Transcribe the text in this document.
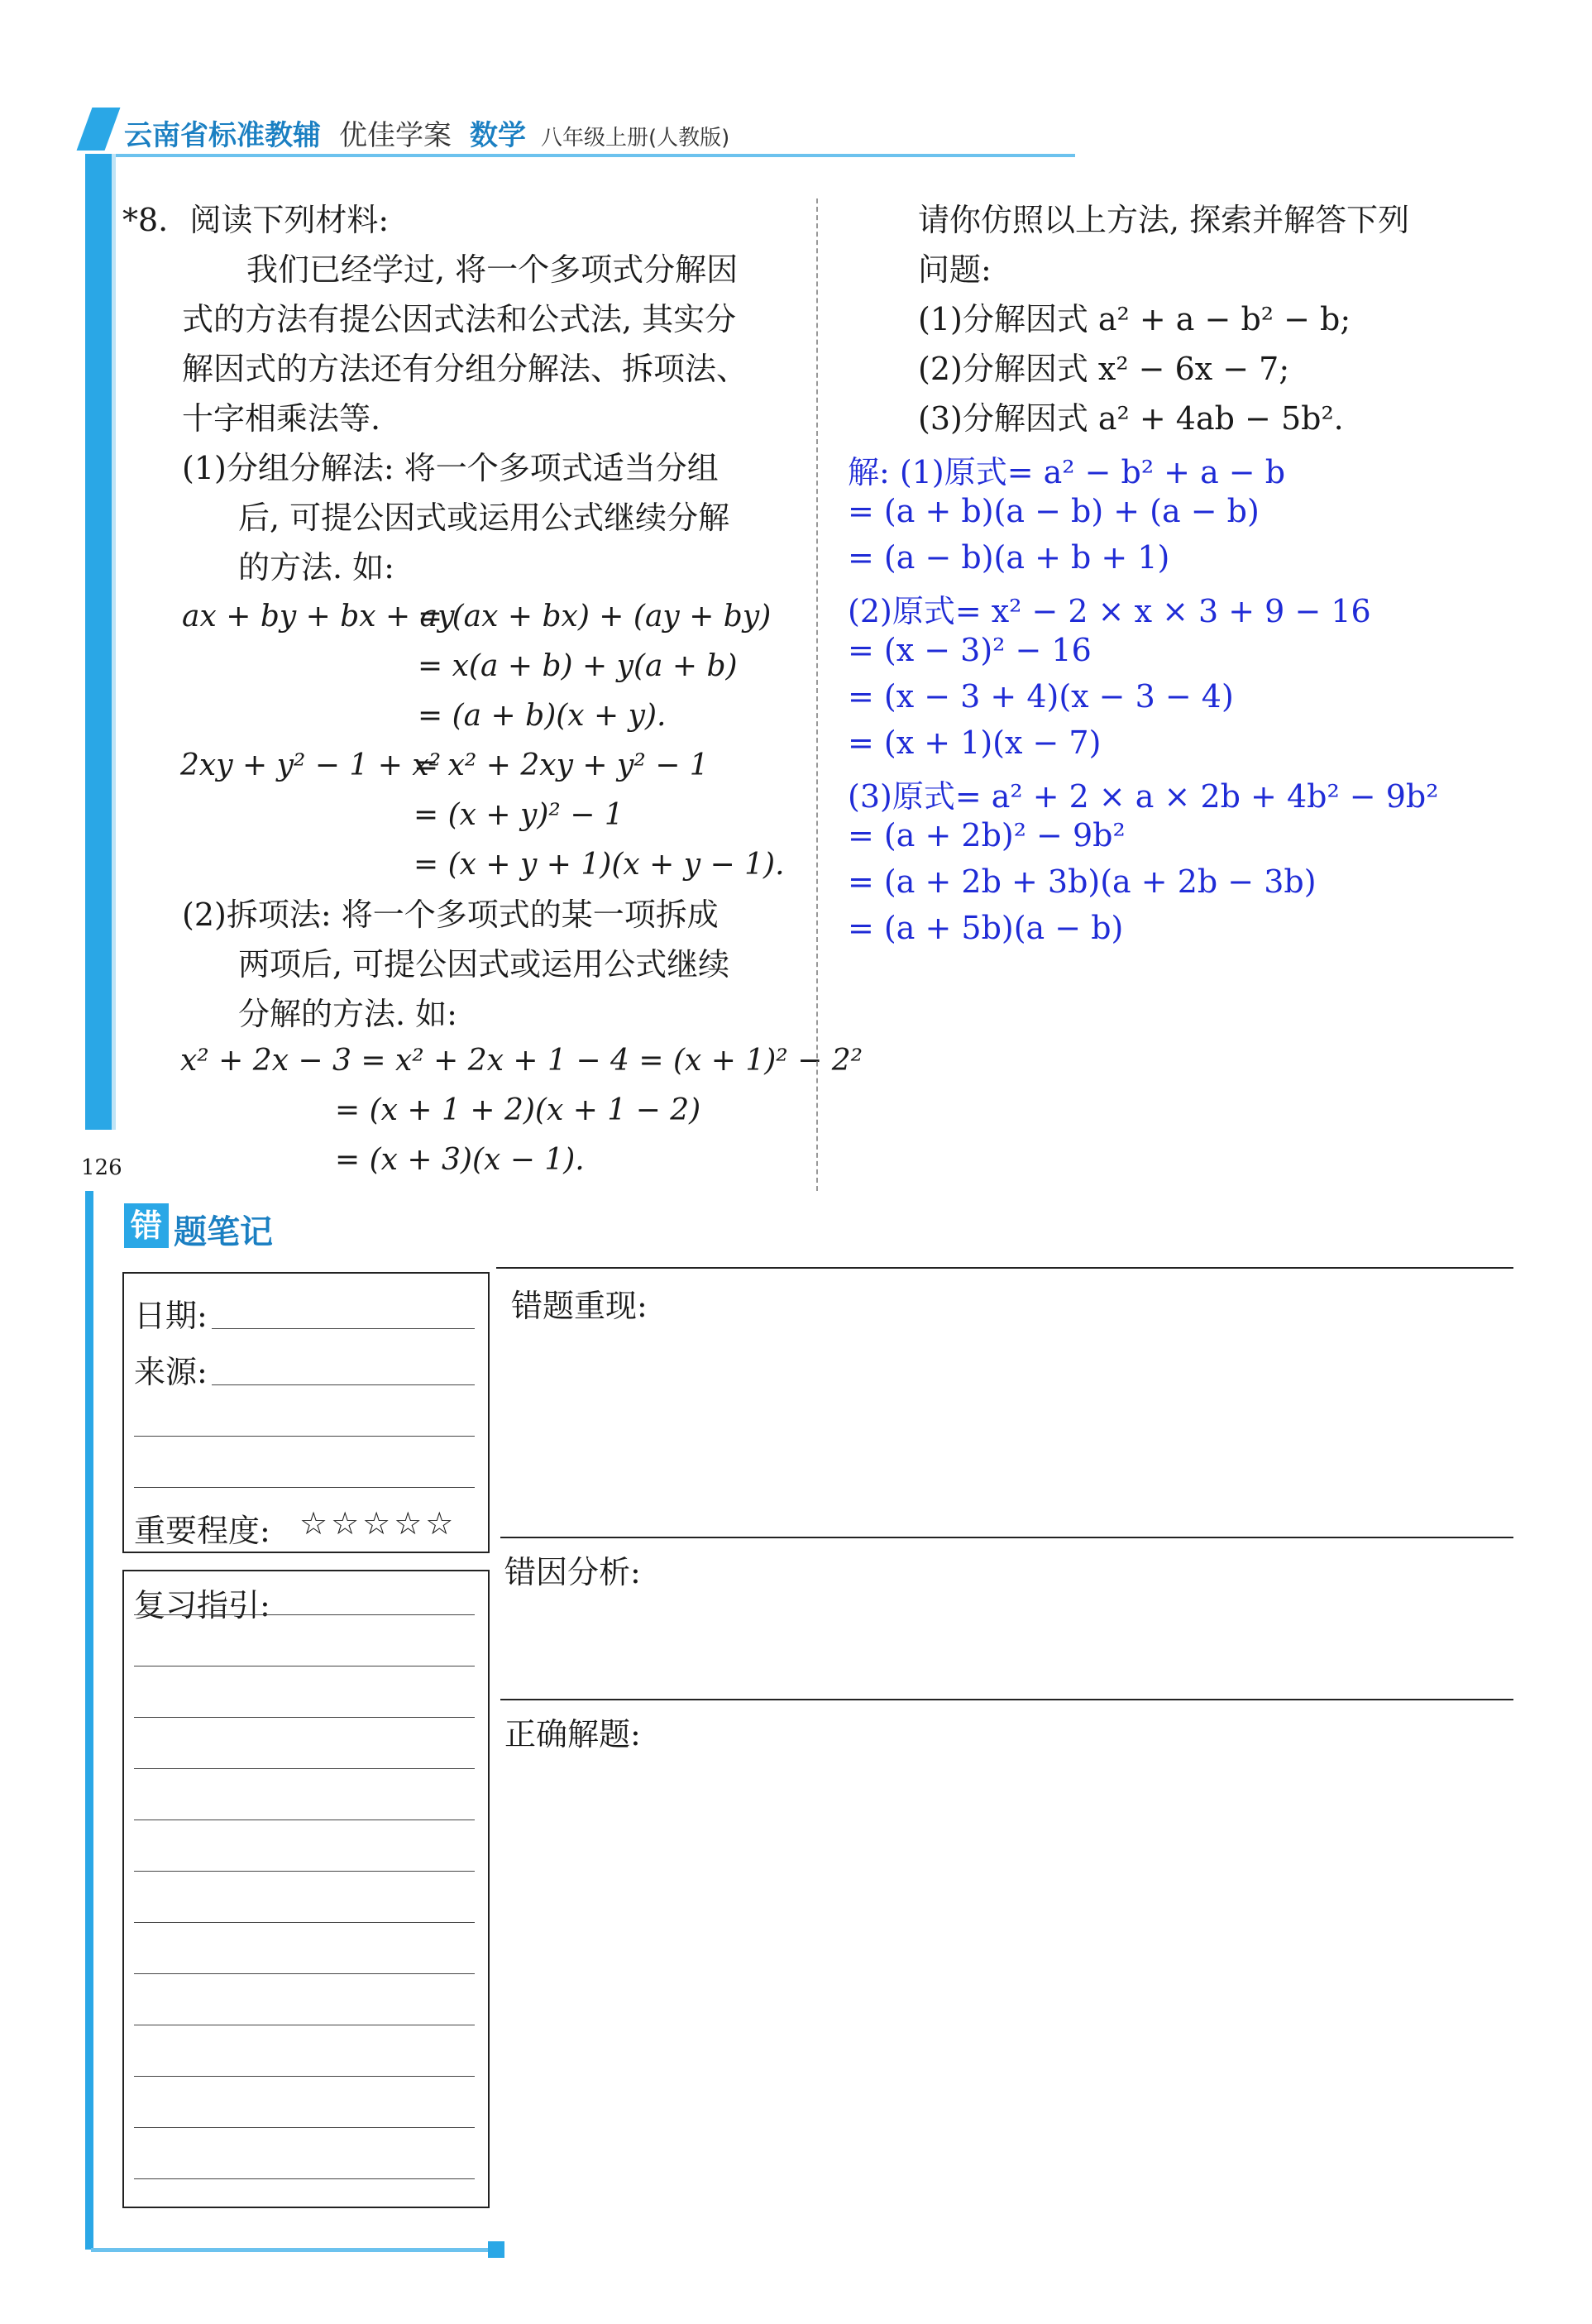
云南省标准教辅 优佳学案 数学 八年级上册(人教版)
126
*8. 阅读下列材料:
我们已经学过, 将一个多项式分解因
式的方法有提公因式法和公式法, 其实分
解因式的方法还有分组分解法、拆项法、
十字相乘法等.
(1)分组分解法: 将一个多项式适当分组
后, 可提公因式或运用公式继续分解
的方法. 如:
ax + by + bx + ay
= (ax + bx) + (ay + by)
= x(a + b) + y(a + b)
= (a + b)(x + y).
2xy + y² − 1 + x²
= x² + 2xy + y² − 1
= (x + y)² − 1
= (x + y + 1)(x + y − 1).
(2)拆项法: 将一个多项式的某一项拆成
两项后, 可提公因式或运用公式继续
分解的方法. 如:
x² + 2x − 3 = x² + 2x + 1 − 4 = (x + 1)² − 2²
= (x + 1 + 2)(x + 1 − 2)
= (x + 3)(x − 1).
请你仿照以上方法, 探索并解答下列
问题:
(1)分解因式 a² + a − b² − b;
(2)分解因式 x² − 6x − 7;
(3)分解因式 a² + 4ab − 5b².
解: (1)原式= a² − b² + a − b
= (a + b)(a − b) + (a − b)
= (a − b)(a + b + 1)
(2)原式= x² − 2 × x × 3 + 9 − 16
= (x − 3)² − 16
= (x − 3 + 4)(x − 3 − 4)
= (x + 1)(x − 7)
(3)原式= a² + 2 × a × 2b + 4b² − 9b²
= (a + 2b)² − 9b²
= (a + 2b + 3b)(a + 2b − 3b)
= (a + 5b)(a − b)
错 题笔记
日期:
来源:
重要程度: ☆☆☆☆☆
复习指引:
错题重现:
错因分析:
正确解题:
